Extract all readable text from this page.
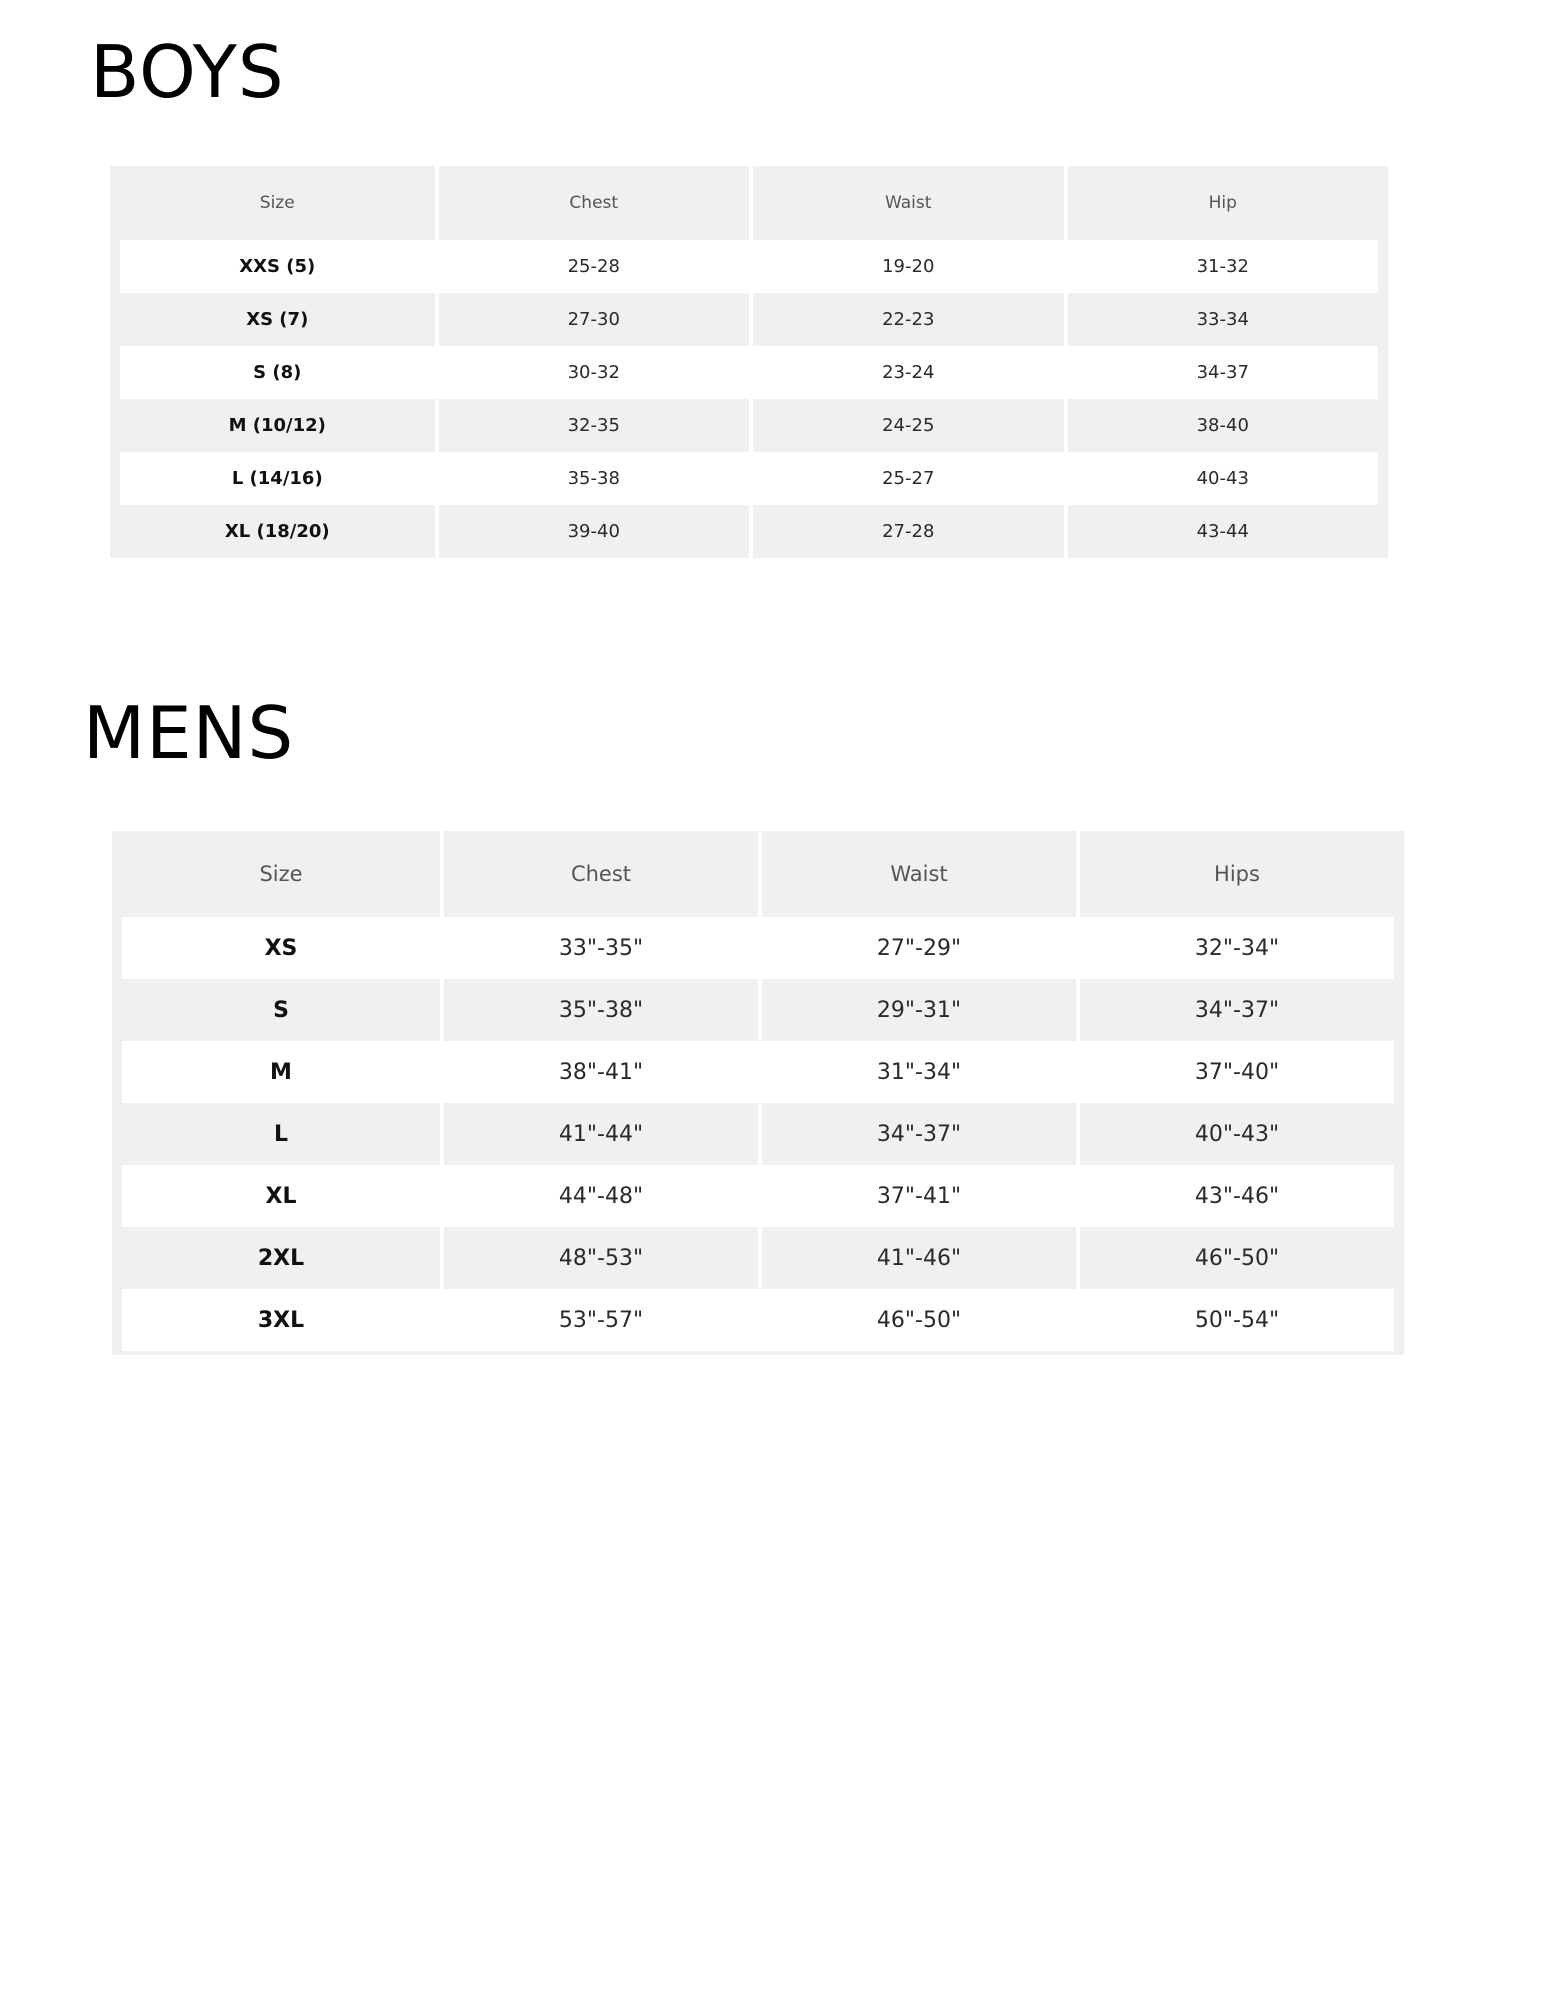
BOYS
Size	Chest	Waist	Hip
XXS (5)	25-28	19-20	31-32
XS (7)	27-30	22-23	33-34
S (8)	30-32	23-24	34-37
M (10/12)	32-35	24-25	38-40
L (14/16)	35-38	25-27	40-43
XL (18/20)	39-40	27-28	43-44
MENS
Size	Chest	Waist	Hips
XS	33"-35"	27"-29"	32"-34"
S	35"-38"	29"-31"	34"-37"
M	38"-41"	31"-34"	37"-40"
L	41"-44"	34"-37"	40"-43"
XL	44"-48"	37"-41"	43"-46"
2XL	48"-53"	41"-46"	46"-50"
3XL	53"-57"	46"-50"	50"-54"
